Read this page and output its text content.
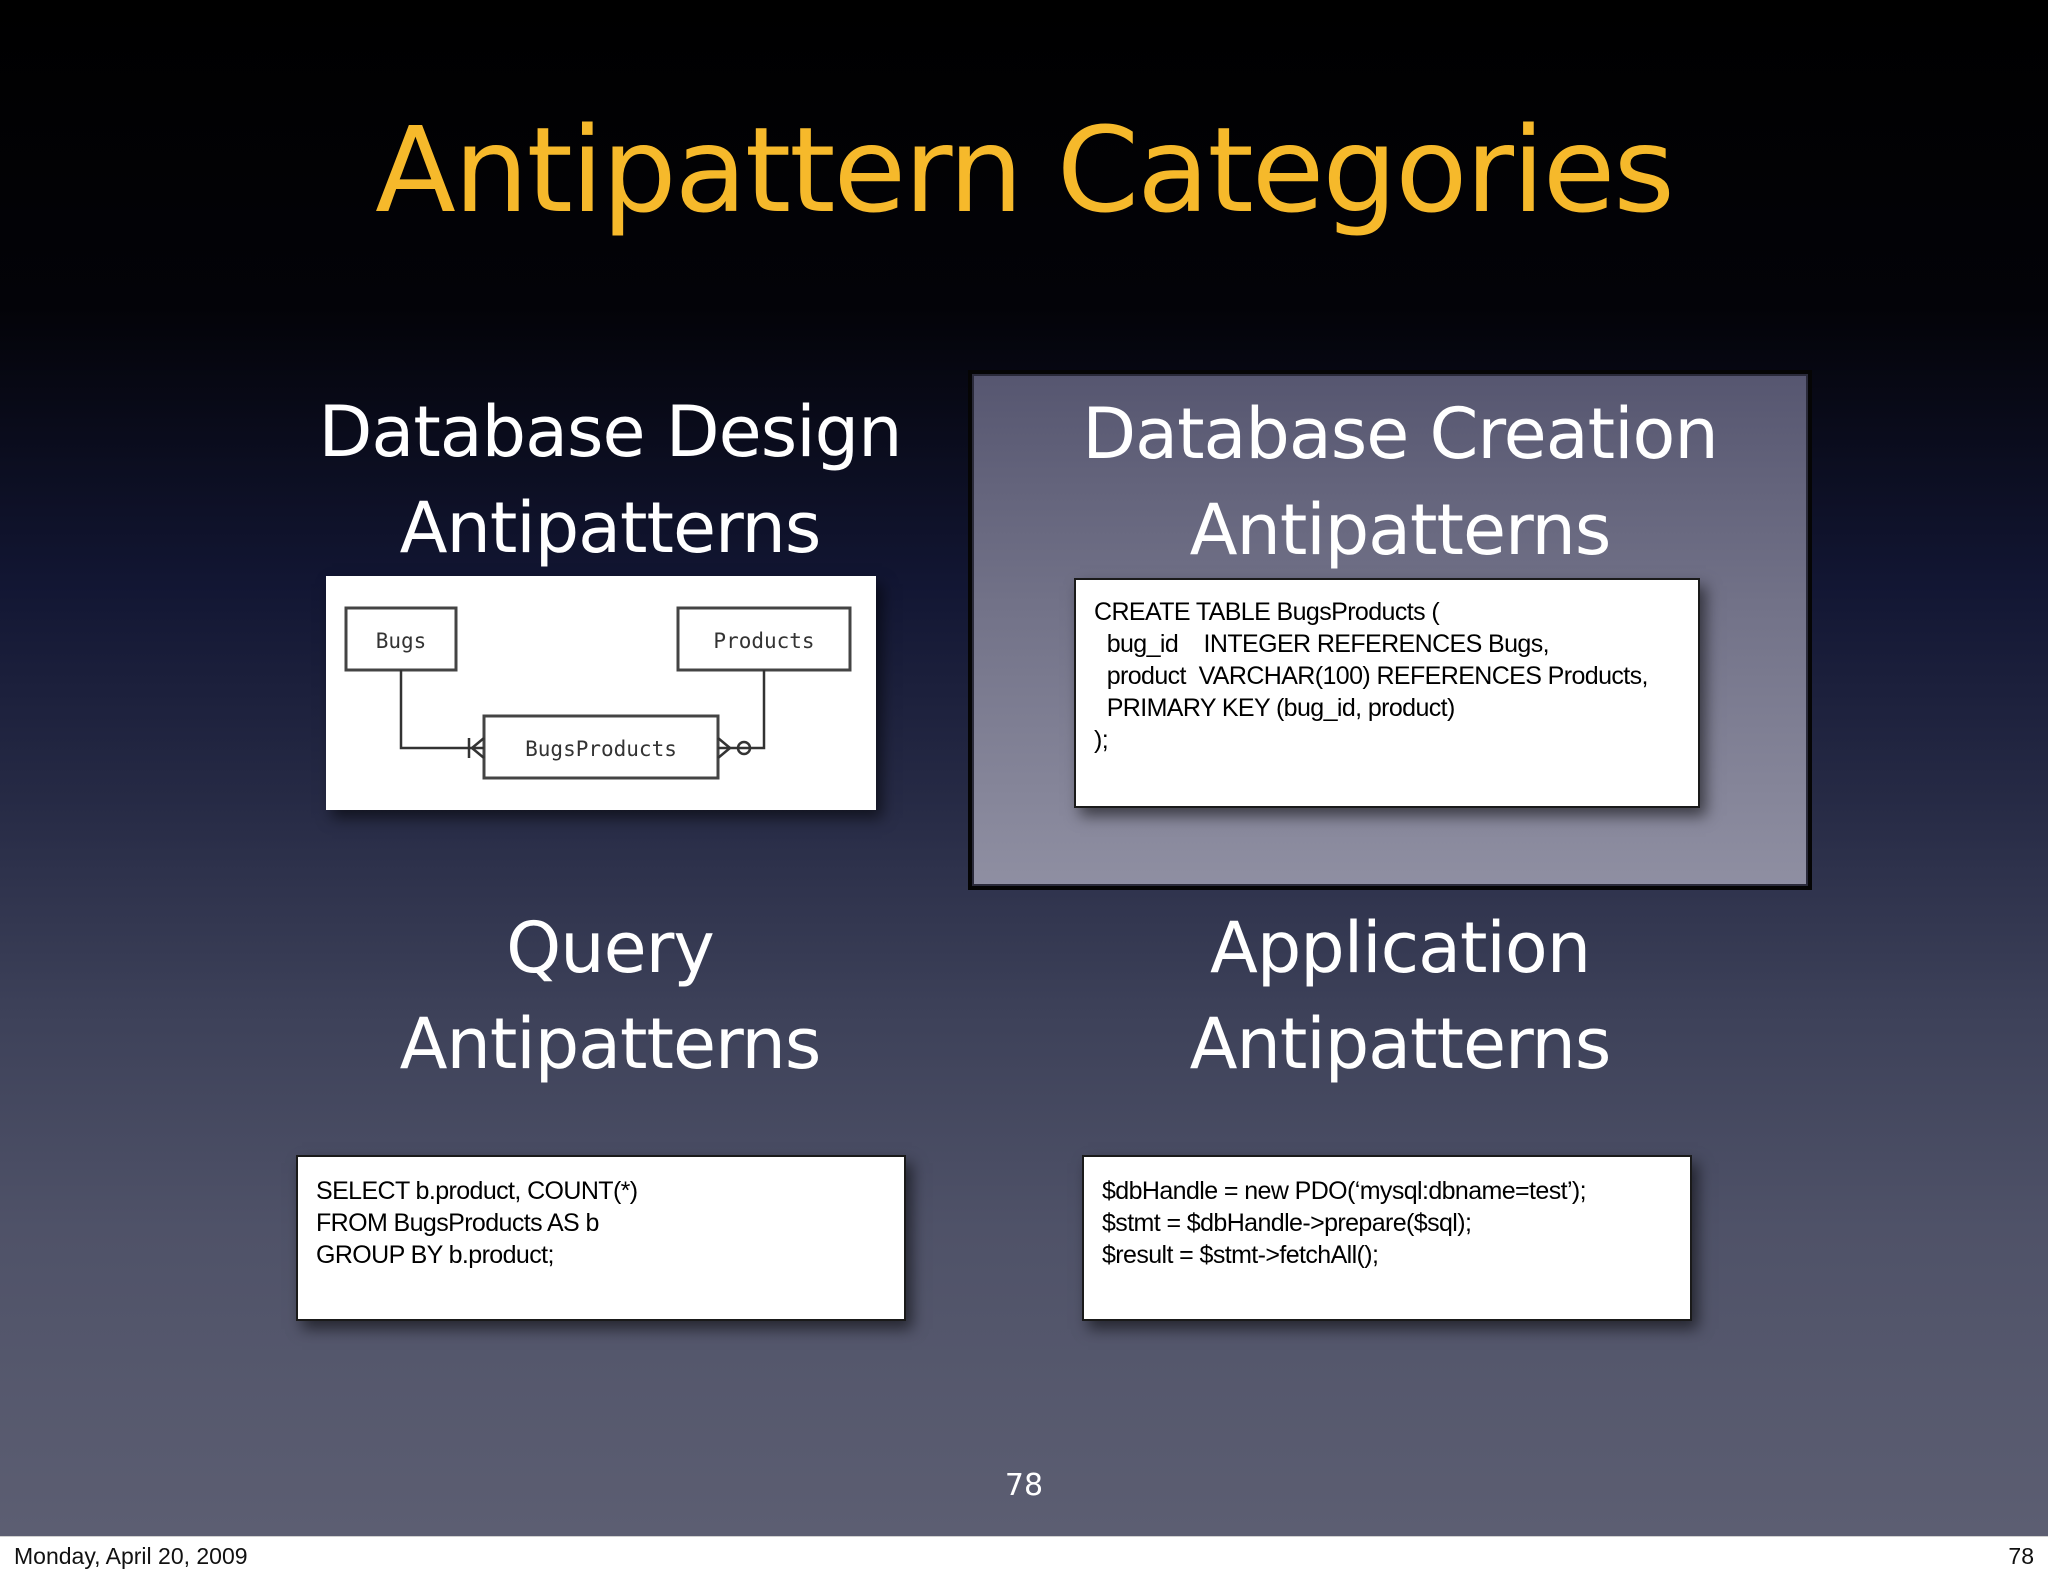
Antipattern Categories
Database Design
Antipatterns
Bugs	Products
BugsProducts
Database Creation
Antipatterns
CREATE TABLE BugsProducts (
bug_id    INTEGER REFERENCES Bugs,
product  VARCHAR(100) REFERENCES Products,
PRIMARY KEY (bug_id, product)
);
Query
Antipatterns
SELECT b.product, COUNT(*)
FROM BugsProducts AS b
GROUP BY b.product;
Application
Antipatterns
$dbHandle = new PDO(‘mysql:dbname=test’);
$stmt = $dbHandle->prepare($sql);
$result = $stmt->fetchAll();
78
Monday, April 20, 2009	78
